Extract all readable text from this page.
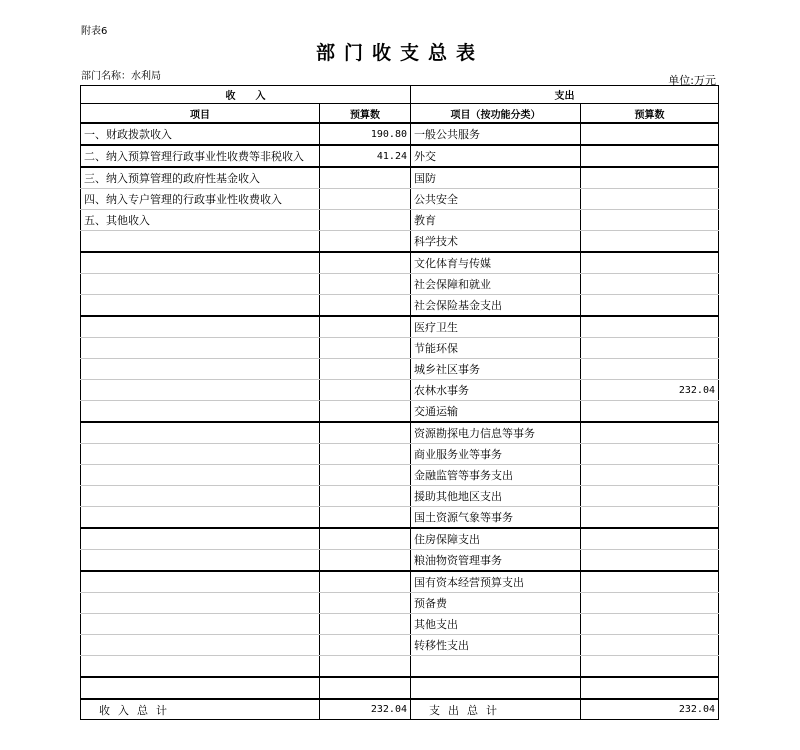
附表6
部门收支总表
部门名称：水利局	单位:万元
收　　入		支出	
项目	预算数	项目（按功能分类）	预算数
一、财政拨款收入	190.80	一般公共服务	
二、纳入预算管理行政事业性收费等非税收入	41.24	外交	
三、纳入预算管理的政府性基金收入		国防	
四、纳入专户管理的行政事业性收费收入		公共安全	
五、其他收入		教育	
		科学技术	
		文化体育与传媒	
		社会保障和就业	
		社会保险基金支出	
		医疗卫生	
		节能环保	
		城乡社区事务	
		农林水事务	232.04
		交通运输	
		资源勘探电力信息等事务	
		商业服务业等事务	
		金融监管等事务支出	
		援助其他地区支出	
		国土资源气象等事务	
		住房保障支出	
		粮油物资管理事务	
		国有资本经营预算支出	
		预备费	
		其他支出	
		转移性支出	

收入总计	232.04	支出总计	232.04
